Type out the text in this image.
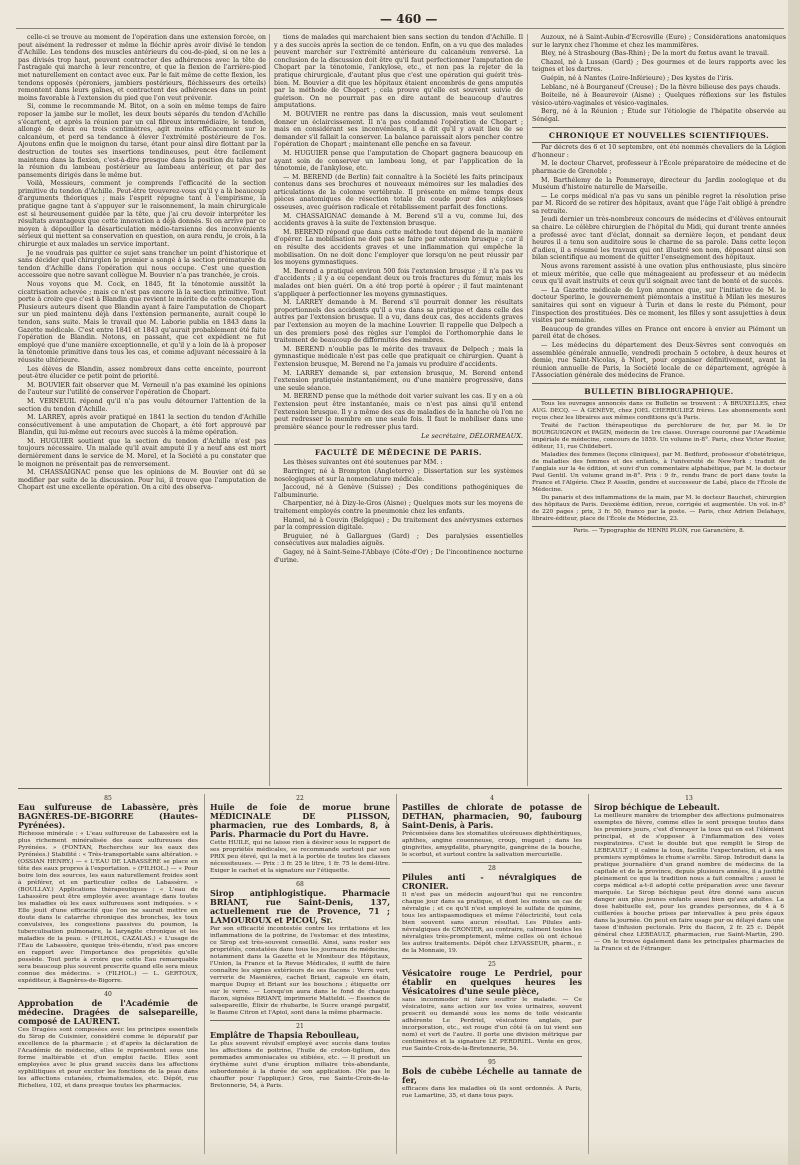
— 460 —

celle-ci se trouve au moment de l'opération dans une extension forcée, on peut aisément la redresser et même la fléchir après avoir divisé le tendon d'Achille. Les tendons des muscles antérieurs du cou-de-pied, si on ne les a pas divisés trop haut, peuvent contracter des adhérences avec la tête de l'astragale qui marche à leur rencontre, et que la flexion de l'arrière-pied met naturellement en contact avec eux. Par le fait même de cette flexion, les tendons opposés (péroniers, jambiers postérieurs, fléchisseurs des orteils) remontent dans leurs gaînes, et contractent des adhérences dans un point moins favorable à l'extension du pied que l'on veut prévenir.

Si, comme le recommande M. Bitot, on a soin en même temps de faire reposer la jambe sur le mollet, les deux bouts séparés du tendon d'Achille s'écartent, et après la réunion par un cal fibreux intermédiaire, le tendon, allongé de deux ou trois centimètres, agit moins efficacement sur le calcanéum, et perd sa tendance à élever l'extrémité postérieure de l'os. Ajoutons enfin que le moignon du tarse, étant pour ainsi dire flottant par la destruction de toutes ses insertions tendineuses, peut être facilement maintenu dans la flexion, c'est-à-dire presque dans la position du talus par la réunion du lambeau postérieur au lambeau antérieur, et par des pansements dirigés dans le même but.

Voilà, Messieurs, comment je comprends l'efficacité de la section primitive du tendon d'Achille. Peut-être trouverez-vous qu'il y a là beaucoup d'arguments théoriques ; mais l'esprit répugne tant à l'empirisme, la pratique gagne tant à s'appuyer sur le raisonnement, la main chirurgicale est si heureusement guidée par la tête, que j'ai cru devoir interpréter les résultats avantageux que cette innovation a déjà donnés. Si on arrive par ce moyen à dépouiller la désarticulation médio-tarsienne des inconvénients sérieux qui mettent sa conservation en question, on aura rendu, je crois, à la chirurgie et aux malades un service important.

Je ne voudrais pas quitter ce sujet sans trancher un point d'historique et sans décider quel chirurgien le premier a songé à la section prématurée du tendon d'Achille dans l'opération qui nous occupe. C'est une question accessoire que notre savant collègue M. Bouvier n'a pas tranchée, je crois.

Nous voyons que M. Cock, en 1845, fit la ténotomie aussitôt la cicatrisation achevée ; mais ce n'est pas encore là la section primitive. Tout porte à croire que c'est à Blandin que revient le mérite de cette conception. Plusieurs auteurs disent que Blandin ayant à faire l'amputation de Chopart sur un pied maintenu déjà dans l'extension permanente, aurait coupé le tendon, sans suite. Mais le travail que M. Laborie publia en 1843 dans la Gazette médicale. C'est entre 1841 et 1843 qu'aurait probablement été faite l'opération de Blandin. Notons, en passant, que cet expédient ne fut employé que d'une manière exceptionnelle, et qu'il y a loin de là à proposer la ténotomie primitive dans tous les cas, et comme adjuvant nécessaire à la réussite ultérieure.

Les élèves de Blandin, assez nombreux dans cette enceinte, pourront peut-être élucider ce petit point de priorité.

M. BOUVIER fait observer que M. Verneuil n'a pas examiné les opinions de l'auteur sur l'utilité de conserver l'opération de Chopart.

M. VERNEUIL répond qu'il n'a pas voulu détourner l'attention de la section du tendon d'Achille.

M. LARREY, après avoir pratiqué en 1841 la section du tendon d'Achille consécutivement à une amputation de Chopart, a été fort approuvé par Blandin, qui lui-même eut recours avec succès à la même opération.

M. HUGUIER soutient que la section du tendon d'Achille n'est pas toujours nécessaire. Un malade qu'il avait amputé il y a neuf ans est mort dernièrement dans le service de M. Morel, et la Société a pu constater que le moignon ne présentait pas de renversement.

M. CHASSAIGNAC pense que les opinions de M. Bouvier ont dû se modifier par suite de la discussion. Pour lui, il trouve que l'amputation de Chopart est une excellente opération. On a cité des observa-

tions de malades qui marchaient bien sans section du tendon d'Achille. Il y a des succès après la section de ce tendon. Enfin, on a vu que des malades peuvent marcher sur l'extrémité antérieure du calcanéum renversé. La conclusion de la discussion doit être qu'il faut perfectionner l'amputation de Chopart par la ténotomie, l'ankylose, etc., et non pas la rejeter de la pratique chirurgicale, d'autant plus que c'est une opération qui guérit très-bien. M. Bouvier a dit que les hôpitaux étaient encombrés de gens amputés par la méthode de Chopart ; cela prouve qu'elle est souvent suivie de guérison. On ne pourrait pas en dire autant de beaucoup d'autres amputations.

M. BOUVIER ne rentre pas dans la discussion, mais veut seulement donner un éclaircissement. Il n'a pas condamné l'opération de Chopart ; mais en considérant ses inconvénients, il a dit qu'il y avait lieu de se demander s'il fallait la conserver. La balance paraissait alors pencher contre l'opération de Chopart ; maintenant elle penche en sa faveur.

M. HUGUIER pense que l'amputation de Chopart gagnera beaucoup en ayant soin de conserver un lambeau long, et par l'application de la ténotomie, de l'ankylose, etc.

— M. BEREND (de Berlin) fait connaître à la Société les faits principaux contenus dans ses brochures et nouveaux mémoires sur les maladies des articulations de la colonne vertébrale. Il présente en même temps deux pièces anatomiques de résection totale du coude pour des ankyloses osseuses, avec guérison radicale et rétablissement parfait des fonctions.

M. CHASSAIGNAC demande à M. Berend s'il a vu, comme lui, des accidents graves à la suite de l'extension brusque.

M. BEREND répond que dans cette méthode tout dépend de la manière d'opérer. La mobilisation ne doit pas se faire par extension brusque ; car il en résulte des accidents graves et une inflammation qui empêche la mobilisation. On ne doit donc l'employer que lorsqu'on ne peut réussir par les moyens gymnastiques.

M. Berend a pratiqué environ 500 fois l'extension brusque ; il n'a pas vu d'accidents ; il y a eu cependant deux ou trois fractures du fémur, mais les malades ont bien guéri. On a été trop porté à opérer ; il faut maintenant s'appliquer à perfectionner les moyens gymnastiques.

M. LARREY demande à M. Berend s'il pourrait donner les résultats proportionnels des accidents qu'il a vus dans sa pratique et dans celle des autres par l'extension brusque. Il a vu, dans deux cas, des accidents graves par l'extension au moyen de la machine Louvrier. Il rappelle que Delpech a un des premiers posé des règles sur l'emploi de l'orthomorphie dans le traitement de beaucoup de difformités des membres.

M. BEREND n'oublie pas le mérite des travaux de Delpech ; mais la gymnastique médicale n'est pas celle que pratiquait ce chirurgien. Quant à l'extension brusque, M. Berend ne l'a jamais vu produire d'accidents.

M. LARREY demande si, par extension brusque, M. Berend entend l'extension pratiquée instantanément, ou d'une manière progressive, dans une seule séance.

M. BEREND pense que la méthode doit varier suivant les cas. Il y en a où l'extension peut être instantanée, mais ce n'est pas ainsi qu'il entend l'extension brusque. Il y a même des cas de maladies de la hanche où l'on ne peut redresser le membre en une seule fois. Il faut le mobiliser dans une première séance pour le redresser plus tard.

Le secrétaire, DÉLORMEAUX.
FACULTÉ DE MÉDECINE DE PARIS.

Les thèses suivantes ont été soutenues par MM. :

Barringer, né à Brompton (Angleterre) ; Dissertation sur les systèmes nosologiques et sur la nomenclature médicale.

Jaccoud, né à Genève (Suisse) ; Des conditions pathogéniques de l'albuminurie.

Charpentier, né à Dizy-le-Gros (Aisne) ; Quelques mots sur les moyens de traitement employés contre la pneumonie chez les enfants.

Hamel, né à Couvin (Belgique) ; Du traitement des anévrysmes externes par la compression digitale.

Bruguier, né à Gallargues (Gard) ; Des paralysies essentielles consécutives aux maladies aiguës.

Gagey, né à Saint-Seine-l'Abbaye (Côte-d'Or) ; De l'incontinence nocturne d'urine.

Auzoux, né à Saint-Aubin-d'Écrosville (Eure) ; Considérations anatomiques sur le larynx chez l'homme et chez les mammifères.

Bley, né à Strasbourg (Bas-Rhin) ; De la mort du fœtus avant le travail.

Chazel, né à Lussan (Gard) ; Des gourmes et de leurs rapports avec les teignes et les dartres.

Guépin, né à Nantes (Loire-Inférieure) ; Des kystes de l'iris.

Leblanc, né à Bourganeuf (Creuse) ; De la fièvre bilieuse des pays chauds.

Boiteile, né à Beaurevoir (Aisne) ; Quelques réflexions sur les fistules vésico-utéro-vaginales et vésico-vaginales.

Berg, né à la Réunion ; Étude sur l'étiologie de l'hépatite observée au Sénégal.

CHRONIQUE ET NOUVELLES SCIENTIFIQUES.

Par décrets des 6 et 10 septembre, ont été nommés chevaliers de la Légion d'honneur :

M. le docteur Charvet, professeur à l'École préparatoire de médecine et de pharmacie de Grenoble ;

M. Barthélemy de la Pommeraye, directeur du Jardin zoologique et du Muséum d'histoire naturelle de Marseille.

— Le corps médical n'a pas vu sans un pénible regret la résolution prise par M. Ricord de se retirer des hôpitaux, avant que l'âge l'ait obligé à prendre sa retraite.

Jeudi dernier un très-nombreux concours de médecins et d'élèves entourait sa chaire. Le célèbre chirurgien de l'hôpital du Midi, qui durant trente années a professé avec tant d'éclat, donnait sa dernière leçon, et pendant deux heures il a tenu son auditoire sous le charme de sa parole. Dans cette leçon d'adieu, il a résumé les travaux qui ont illustré son nom, déposant ainsi son bilan scientifique au moment de quitter l'enseignement des hôpitaux.

Nous avons rarement assisté à une ovation plus enthousiaste, plus sincère et mieux méritée, que celle que ménageaient au professeur et au médecin ceux qu'il avait instruits et ceux qu'il soignait avec tant de bonté et de succès.

— La Gazette médicale de Lyon annonce que, sur l'initiative de M. le docteur Sperino, le gouvernement piémontais a institué à Milan les mesures sanitaires qui sont en vigueur à Turin et dans le reste du Piémont, pour l'inspection des prostituées. Dès ce moment, les filles y sont assujetties à deux visites par semaine.

Beaucoup de grandes villes en France ont encore à envier au Piémont un pareil état de choses.

— Les médecins du département des Deux-Sèvres sont convoqués en assemblée générale annuelle, vendredi prochain 5 octobre, à deux heures et demie, rue Saint-Nicolas, à Niort, pour organiser définitivement, avant la réunion annuelle de Paris, la Société locale de ce département, agrégée à l'Association générale des médecins de France.

BULLETIN BIBLIOGRAPHIQUE.

Tous les ouvrages annoncés dans ce Bulletin se trouvent : À BRUXELLES, chez AUG. DECQ. — À GENÈVE, chez JOEL CHERBULIEZ frères. Les abonnements sont reçus chez les libraires aux mêmes conditions qu'à Paris.

Traité de l'action thérapeutique du perchlorure de fer, par M. le Dr BOURGUIGNON et PAGIN, médecin de 1re classe. Ouvrage couronné par l'Académie impériale de médecine, concours de 1859. Un volume in-8°. Paris, chez Victor Rozier, éditeur, 11, rue Childebert.

Maladies des femmes (leçons cliniques), par M. Bedford, professeur d'obstétrique, de maladies des femmes et des enfants, à l'université de New-York ; traduit de l'anglais sur la 4e édition, et suivi d'un commentaire alphabétique, par M. le docteur Paul Gentil. Un volume grand in-8°. Prix : 9 fr., rendu franc de port dans toute la France et l'Algérie. Chez P. Asselin, gendre et successeur de Labé, place de l'École de Médecine.

Du panaris et des inflammations de la main, par M. le docteur Bauchet, chirurgien des hôpitaux de Paris. Deuxième édition, revue, corrigée et augmentée. Un vol. in-8° de 220 pages ; prix, 3 fr. 50, franco par la poste. — Paris, chez Adrien Delahaye, libraire-éditeur, place de l'École de Médecine, 23.

Paris. — Typographie de HENRI PLON, rue Garancière, 8.
85

Eau sulfureuse de Labassère, près BAGNÈRES-DE-BIGORRE (Hautes-Pyrénées).

Richesse minérale : « L'eau sulfureuse de Labassère est la plus richement minéralisée des eaux sulfureuses des Pyrénées. » (FONTAN, Recherches sur les eaux des Pyrénées.) Stabilité : « Très-transportable sans altération. » (OSSIAN HENRY.) — « L'EAU DE LABASSÈRE se place en tête des eaux propres à l'exportation. » (FILHOL.) — « Pour boire loin des sources, les eaux naturellement froides sont à préférer, et en particulier celles de Labassère. » (BOULLAY.) Applications thérapeutiques : « L'eau de Labassère peut être employée avec avantage dans toutes les maladies où les eaux sulfureuses sont indiquées. » « Elle jouit d'une efficacité que l'on ne saurait mettre en doute dans le catarrhe chronique des bronches, les toux convulsives, les congestions passives du poumon, la tuberculisation pulmonaire, la laryngite chronique et les maladies de la peau. » (FILHOL, CAZALAS.) « L'usage de l'Eau de Labassère, quoique très-étendu, n'est pas encore en rapport avec l'importance des propriétés qu'elle possède. Tout porte à croire que cette Eau remarquable sera beaucoup plus souvent prescrite quand elle sera mieux connue des médecins. » (FILHOL.) — L. GERTOUX, expéditeur, à Bagnères-de-Bigorre.

40

Approbation de l'Académie de médecine. Dragées de salsepareille, composé de LAURENT.

Ces Dragées sont composées avec les principes essentiels du Sirop de Cuisinier, considéré comme le dépuratif par excellence de la pharmacie ; et d'après la déclaration de l'Académie de médecine, elles le représentent sous une forme inaltérable et d'un emploi facile. Elles sont employées avec le plus grand succès dans les affections syphilitiques et pour exciter les fonctions de la peau dans les affections cutanées, rhumatismales, etc. Dépôt, rue Richelieu, 102, et dans presque toutes les pharmacies.

22

Huile de foie de morue brune MÉDICINALE DE PLISSON, pharmacien, rue des Lombards, 8, à Paris. Pharmacie du Port du Havre.

Cette HUILE, qui ne laisse rien à désirer sous le rapport de ses propriétés médicales, se recommande surtout par son PRIX peu élevé, qui la met à la portée de toutes les classes nécessiteuses. — Prix : 3 fr. 25 le litre, 1 fr. 75 le demi-litre. Exiger le cachet et la signature sur l'étiquette.

68

Sirop antiphlogistique. Pharmacie BRIANT, rue Saint-Denis, 137, actuellement rue de Provence, 71 ; LAMOUROUX et PICOU, Sr.

Par son efficacité incontestée contre les irritations et les inflammations de la poitrine, de l'estomac et des intestins, ce Sirop est très-souvent conseillé. Ainsi, sans rester ses propriétés, constatées dans tous les journaux de médecine, notamment dans la Gazette et le Moniteur des Hôpitaux, l'Union, la France et la Revue Médicales, il suffit de faire connaître les signes extérieurs de ses flacons : Verre vert, verrerie de Masnières, cachet Briant, capsule en étain, marque Dupuy et Briant sur les bouchons ; étiquette orr sur le verre. — Lorsqu'on aura dans le fond de chaque flacon, signées BRIANT, imprimerie Matteldi. — Essence de salsepareille, Élixir de rhubarbe, le Sucre orangé purgatif, le Baume Citron et l'Apiol, sont dans la même pharmacie.

21

Emplâtre de Thapsia Reboulleau,

Le plus souvent révulsif employé avec succès dans toutes les affections de poitrine, l'huile de croton-tiglium, des pommades ammoniacales ou stibiées, etc. — Il produit un érythème suivi d'une éruption miliaire très-abondante, subordonnée à la durée de son application. (Ne pas le chauffer pour l'appliquer.) Gros, rue Sainte-Croix-de-la-Bretonnerie, 54, à Paris.

4

Pastilles de chlorate de potasse de DETHAN, pharmacien, 90, faubourg Saint-Denis, à Paris.

Préconisées dans les stomatites ulcéreuses diphthéritiques, aphthes, angine couenneuse, croup, muguet ; dans les gingivites, amygdalite, pharyngite, gangrène de la bouche, le scorbut, et surtout contre la salivation mercurielle.

28

Pilules anti - névralgiques de CRONIER.

Il n'est pas un médecin aujourd'hui qui ne rencontre chaque jour dans sa pratique, et dont les moins un cas de névralgie ; et ce qu'il n'est employé le sulfate de quinine, tous les antispasmodiques et même l'électricité, tout cela bien souvent sans aucun résultat. Les Pilules anti-névralgiques de CRONIER, au contraire, calment toutes les névralgies très-promptement, même celles où ont échoué les autres traitements. Dépôt chez LEVASSEUR, pharm., r. de la Monnaie, 19.

25

Vésicatoire rouge Le Perdriel, pour établir en quelques heures les Vésicatoires d'une seule pièce,

sans incommoder ni faire souffrir le malade. — Ce vésicatoire, sans action sur les voies urinaires, souvent prescrit ou demandé sous les noms de toile vésicante adhérente Le Perdriel, vésicatoire anglais, par incorporation, etc., est rouge d'un côté (à on lui vient son nom) et vert de l'autre. Il porte une division métrique par centimètres et la signature LE PERDRIEL. Vente en gros, rue Sainte-Croix-de-la-Bretonnerie, 54.

95

Bols de cubèbe Léchelle au tannate de fer,

efficaces dans les maladies où ils sont ordonnés. À Paris, rue Lamartine, 35, et dans tous pays.

13

Sirop béchique de Lebeault.

La meilleure manière de triompher des affections pulmonaires exemptes de fièvre, comme elles le sont presque toutes dans les premiers jours, c'est d'enrayer la toux qui en est l'élément principal, et de s'opposer à l'inflammation des voies respiratoires. C'est le double but que remplit le Sirop de LEBEAULT ; il calme la toux, facilite l'expectoration, et à ses premiers symptômes le rhume s'arrête. Sirop. Introduit dans la pratique journalière d'un grand nombre de médecins de la capitale et de la province, depuis plusieurs années, il a justifié pleinement ce que la tradition nous a fait connaître ; aussi le corps médical a-t-il adopté cette préparation avec une faveur marquée. Le Sirop béchique peut être donné sans aucun danger aux plus jeunes enfants aussi bien qu'aux adultes. La dose habituelle est, pour les grandes personnes, de 4 à 6 cuillerées à bouche prises par intervalles à peu près égaux dans la journée. On peut en faire usage pur ou délayé dans une tasse d'infusion pectorale. Prix du flacon, 2 fr. 25 c. Dépôt général chez LEBEAULT, pharmacien, rue Saint-Martin, 290. — On le trouve également dans les principales pharmacies de la France et de l'étranger.
